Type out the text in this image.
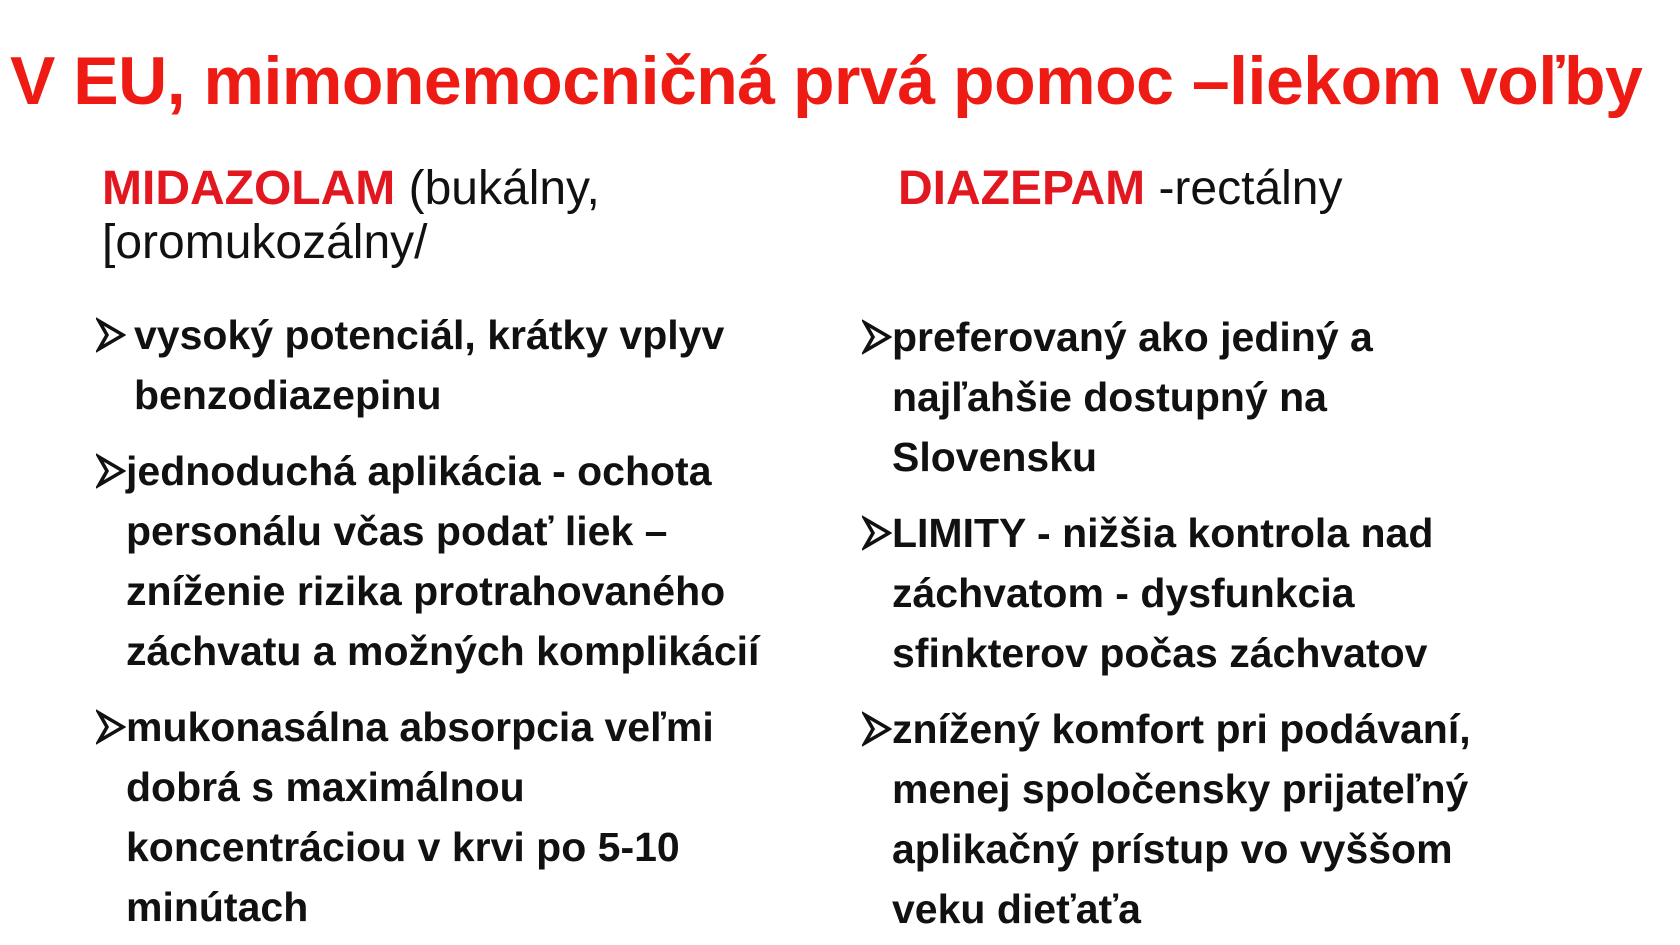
V EU, mimonemocničná prvá pomoc –liekom voľby
MIDAZOLAM (bukálny,
[oromukozálny/
DIAZEPAM -rectálny
vysoký potenciál, krátky vplyv benzodiazepinu
jednoduchá aplikácia - ochota personálu včas podať liek – zníženie rizika protrahovaného záchvatu a možných komplikácií
mukonasálna absorpcia veľmi dobrá s maximálnou koncentráciou v krvi po 5-10 minútach
preferovaný ako jediný a najľahšie dostupný na Slovensku
LIMITY - nižšia kontrola nad záchvatom - dysfunkcia sfinkterov počas záchvatov
znížený komfort pri podávaní, menej spoločensky prijateľný aplikačný prístup vo vyššom veku dieťaťa
